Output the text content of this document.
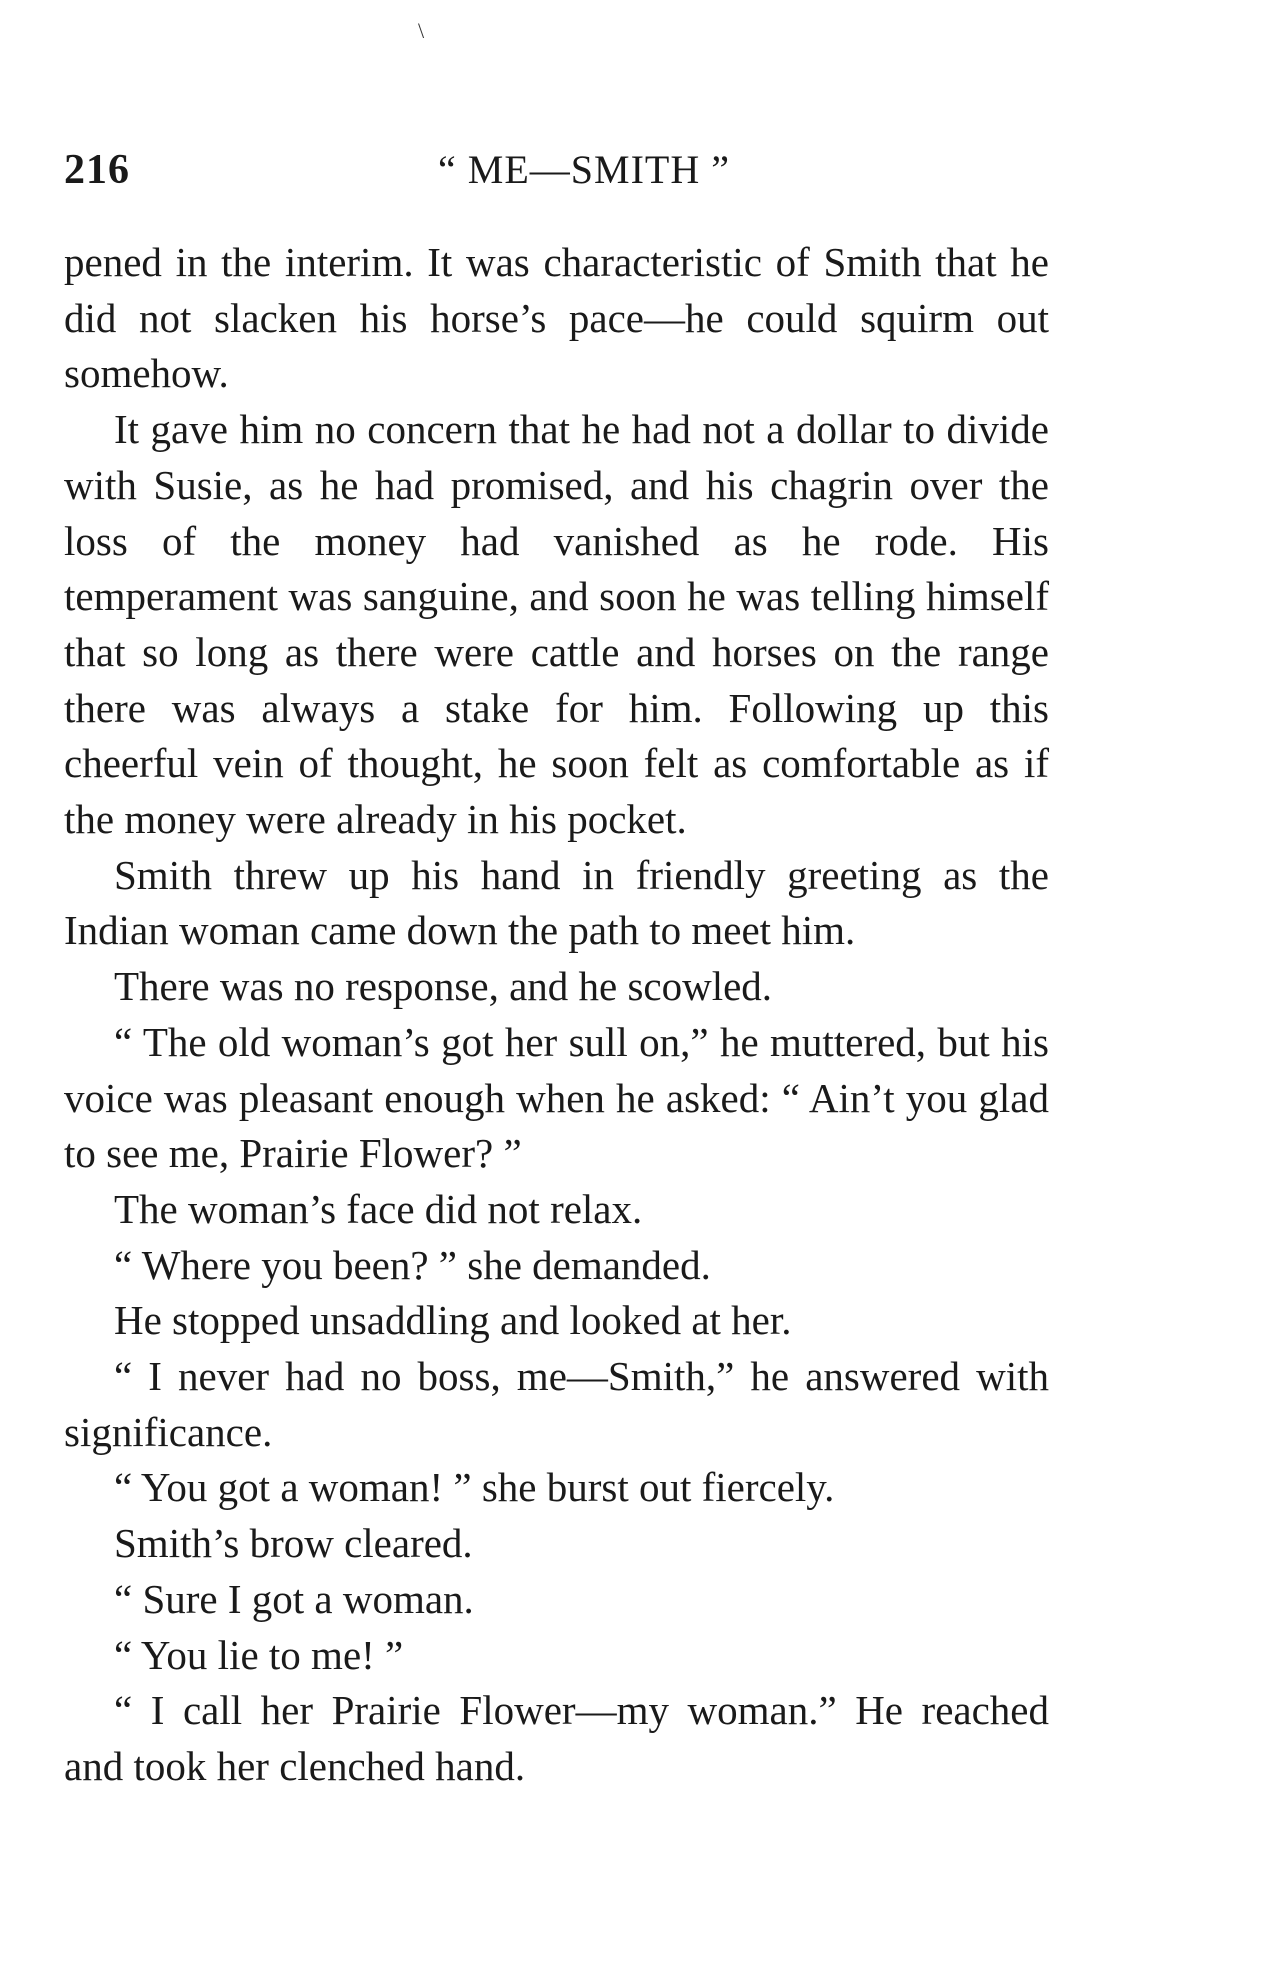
\
216	“ ME—SMITH ”

pened in the interim. It was characteristic of Smith that he did not slacken his horse’s pace—he could squirm out somehow.

It gave him no concern that he had not a dollar to divide with Susie, as he had promised, and his chagrin over the loss of the money had vanished as he rode. His temperament was sanguine, and soon he was telling himself that so long as there were cattle and horses on the range there was always a stake for him. Following up this cheerful vein of thought, he soon felt as comfortable as if the money were already in his pocket.

Smith threw up his hand in friendly greeting as the Indian woman came down the path to meet him.

There was no response, and he scowled.

“ The old woman’s got her sull on,” he muttered, but his voice was pleasant enough when he asked: “ Ain’t you glad to see me, Prairie Flower? ”

The woman’s face did not relax.

“ Where you been? ” she demanded.

He stopped unsaddling and looked at her.

“ I never had no boss, me—Smith,” he answered with significance.

“ You got a woman! ” she burst out fiercely.

Smith’s brow cleared.

“ Sure I got a woman.

“ You lie to me! ”

“ I call her Prairie Flower—my woman.” He reached and took her clenched hand.
